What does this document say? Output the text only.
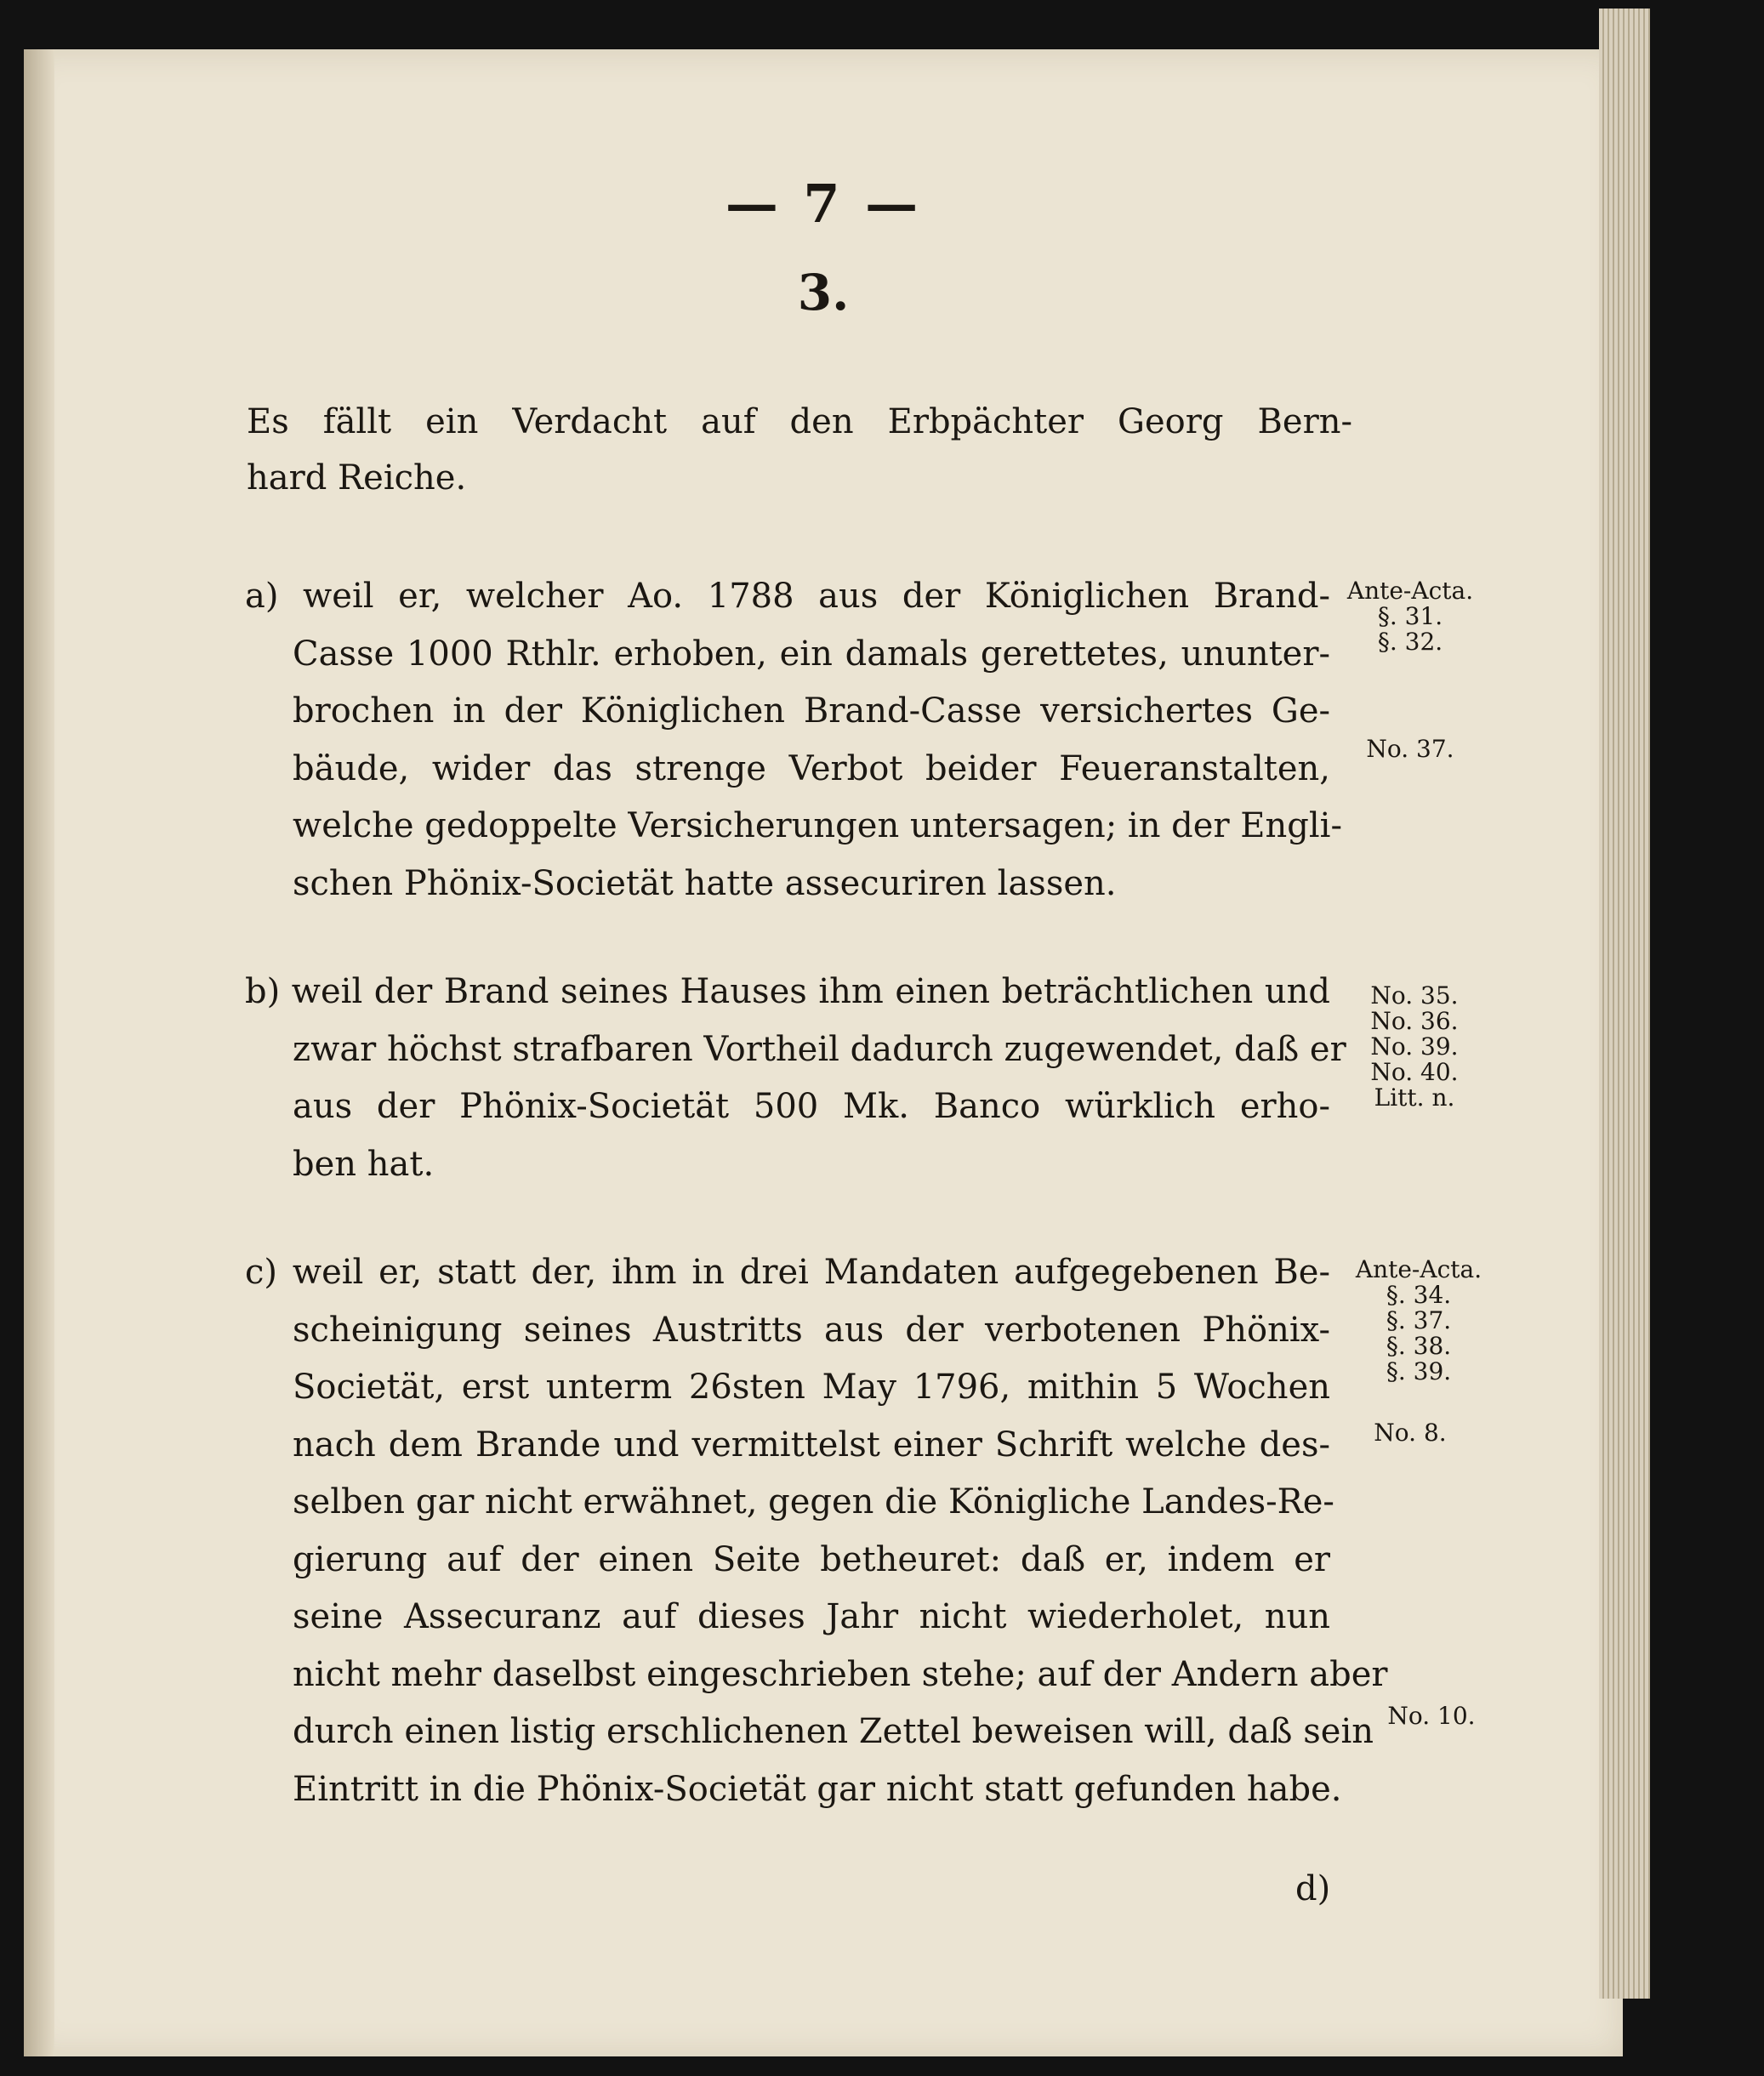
— 7 —
3.
Es fällt ein Verdacht auf den Erbpächter Georg Bern-
hard Reiche.
a) weil er, welcher Ao. 1788 aus der Königlichen Brand-
Casse 1000 Rthlr. erhoben, ein damals gerettetes, ununter-
brochen in der Königlichen Brand-Casse versichertes Ge-
bäude, wider das strenge Verbot beider Feueranstalten,
welche gedoppelte Versicherungen untersagen; in der Engli-
schen Phönix-Societät hatte assecuriren lassen.
Ante-Acta.
§. 31.
§. 32.
No. 37.
b) weil der Brand seines Hauses ihm einen beträchtlichen und
zwar höchst strafbaren Vortheil dadurch zugewendet, daß er
aus der Phönix-Societät 500 Mk. Banco würklich erho-
ben hat.
No. 35.
No. 36.
No. 39.
No. 40.
Litt. n.
c) weil er, statt der, ihm in drei Mandaten aufgegebenen Be-
scheinigung seines Austritts aus der verbotenen Phönix-
Societät, erst unterm 26sten May 1796, mithin 5 Wochen
nach dem Brande und vermittelst einer Schrift welche des-
selben gar nicht erwähnet, gegen die Königliche Landes-Re-
gierung auf der einen Seite betheuret: daß er, indem er
seine Assecuranz auf dieses Jahr nicht wiederholet, nun
nicht mehr daselbst eingeschrieben stehe; auf der Andern aber
durch einen listig erschlichenen Zettel beweisen will, daß sein
Eintritt in die Phönix-Societät gar nicht statt gefunden habe.
Ante-Acta.
§. 34.
§. 37.
§. 38.
§. 39.
No. 8.
No. 10.
d)
